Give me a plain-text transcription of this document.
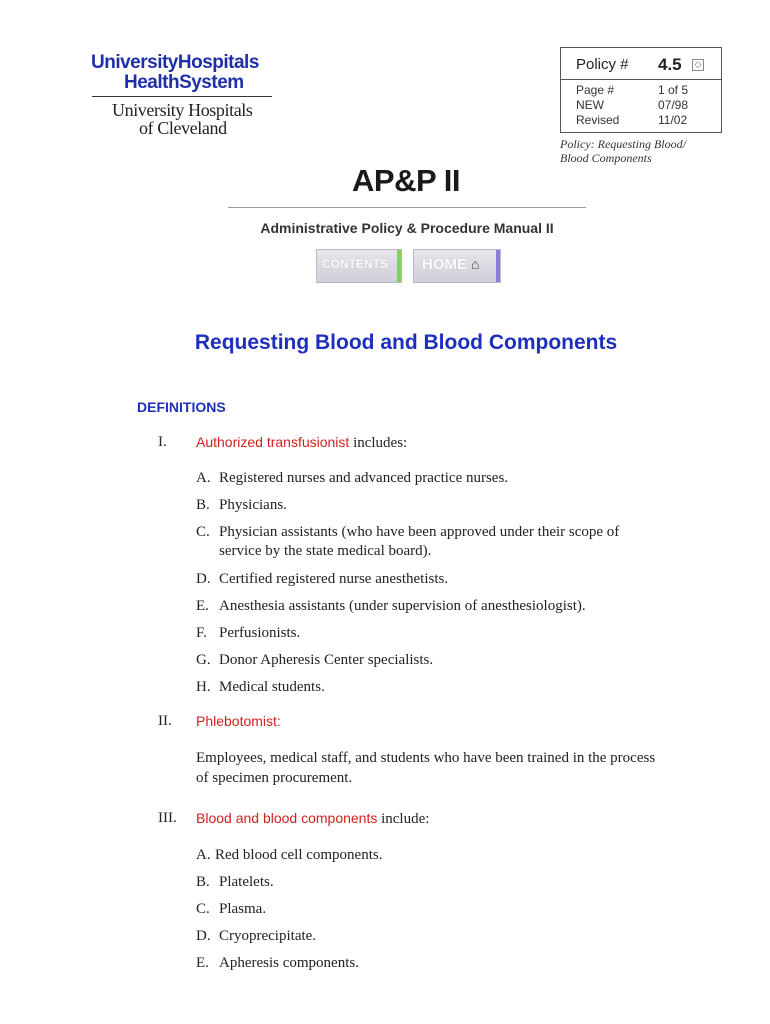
UniversityHospitals
HealthSystem
University Hospitals
of Cleveland
Policy # 4.5 ◇
Page #	1 of 5
NEW	07/98
Revised	11/02
Policy: Requesting Blood/
Blood Components
AP&P II
Administrative Policy & Procedure Manual II
CONTENTS	HOME ⌂
Requesting Blood and Blood Components
DEFINITIONS
I. Authorized transfusionist includes:
A. Registered nurses and advanced practice nurses.
B. Physicians.
C. Physician assistants (who have been approved under their scope of
service by the state medical board).
D. Certified registered nurse anesthetists.
E. Anesthesia assistants (under supervision of anesthesiologist).
F. Perfusionists.
G. Donor Apheresis Center specialists.
H. Medical students.
II. Phlebotomist:
Employees, medical staff, and students who have been trained in the process
of specimen procurement.
III. Blood and blood components include:
A. Red blood cell components.
B. Platelets.
C. Plasma.
D. Cryoprecipitate.
E. Apheresis components.
